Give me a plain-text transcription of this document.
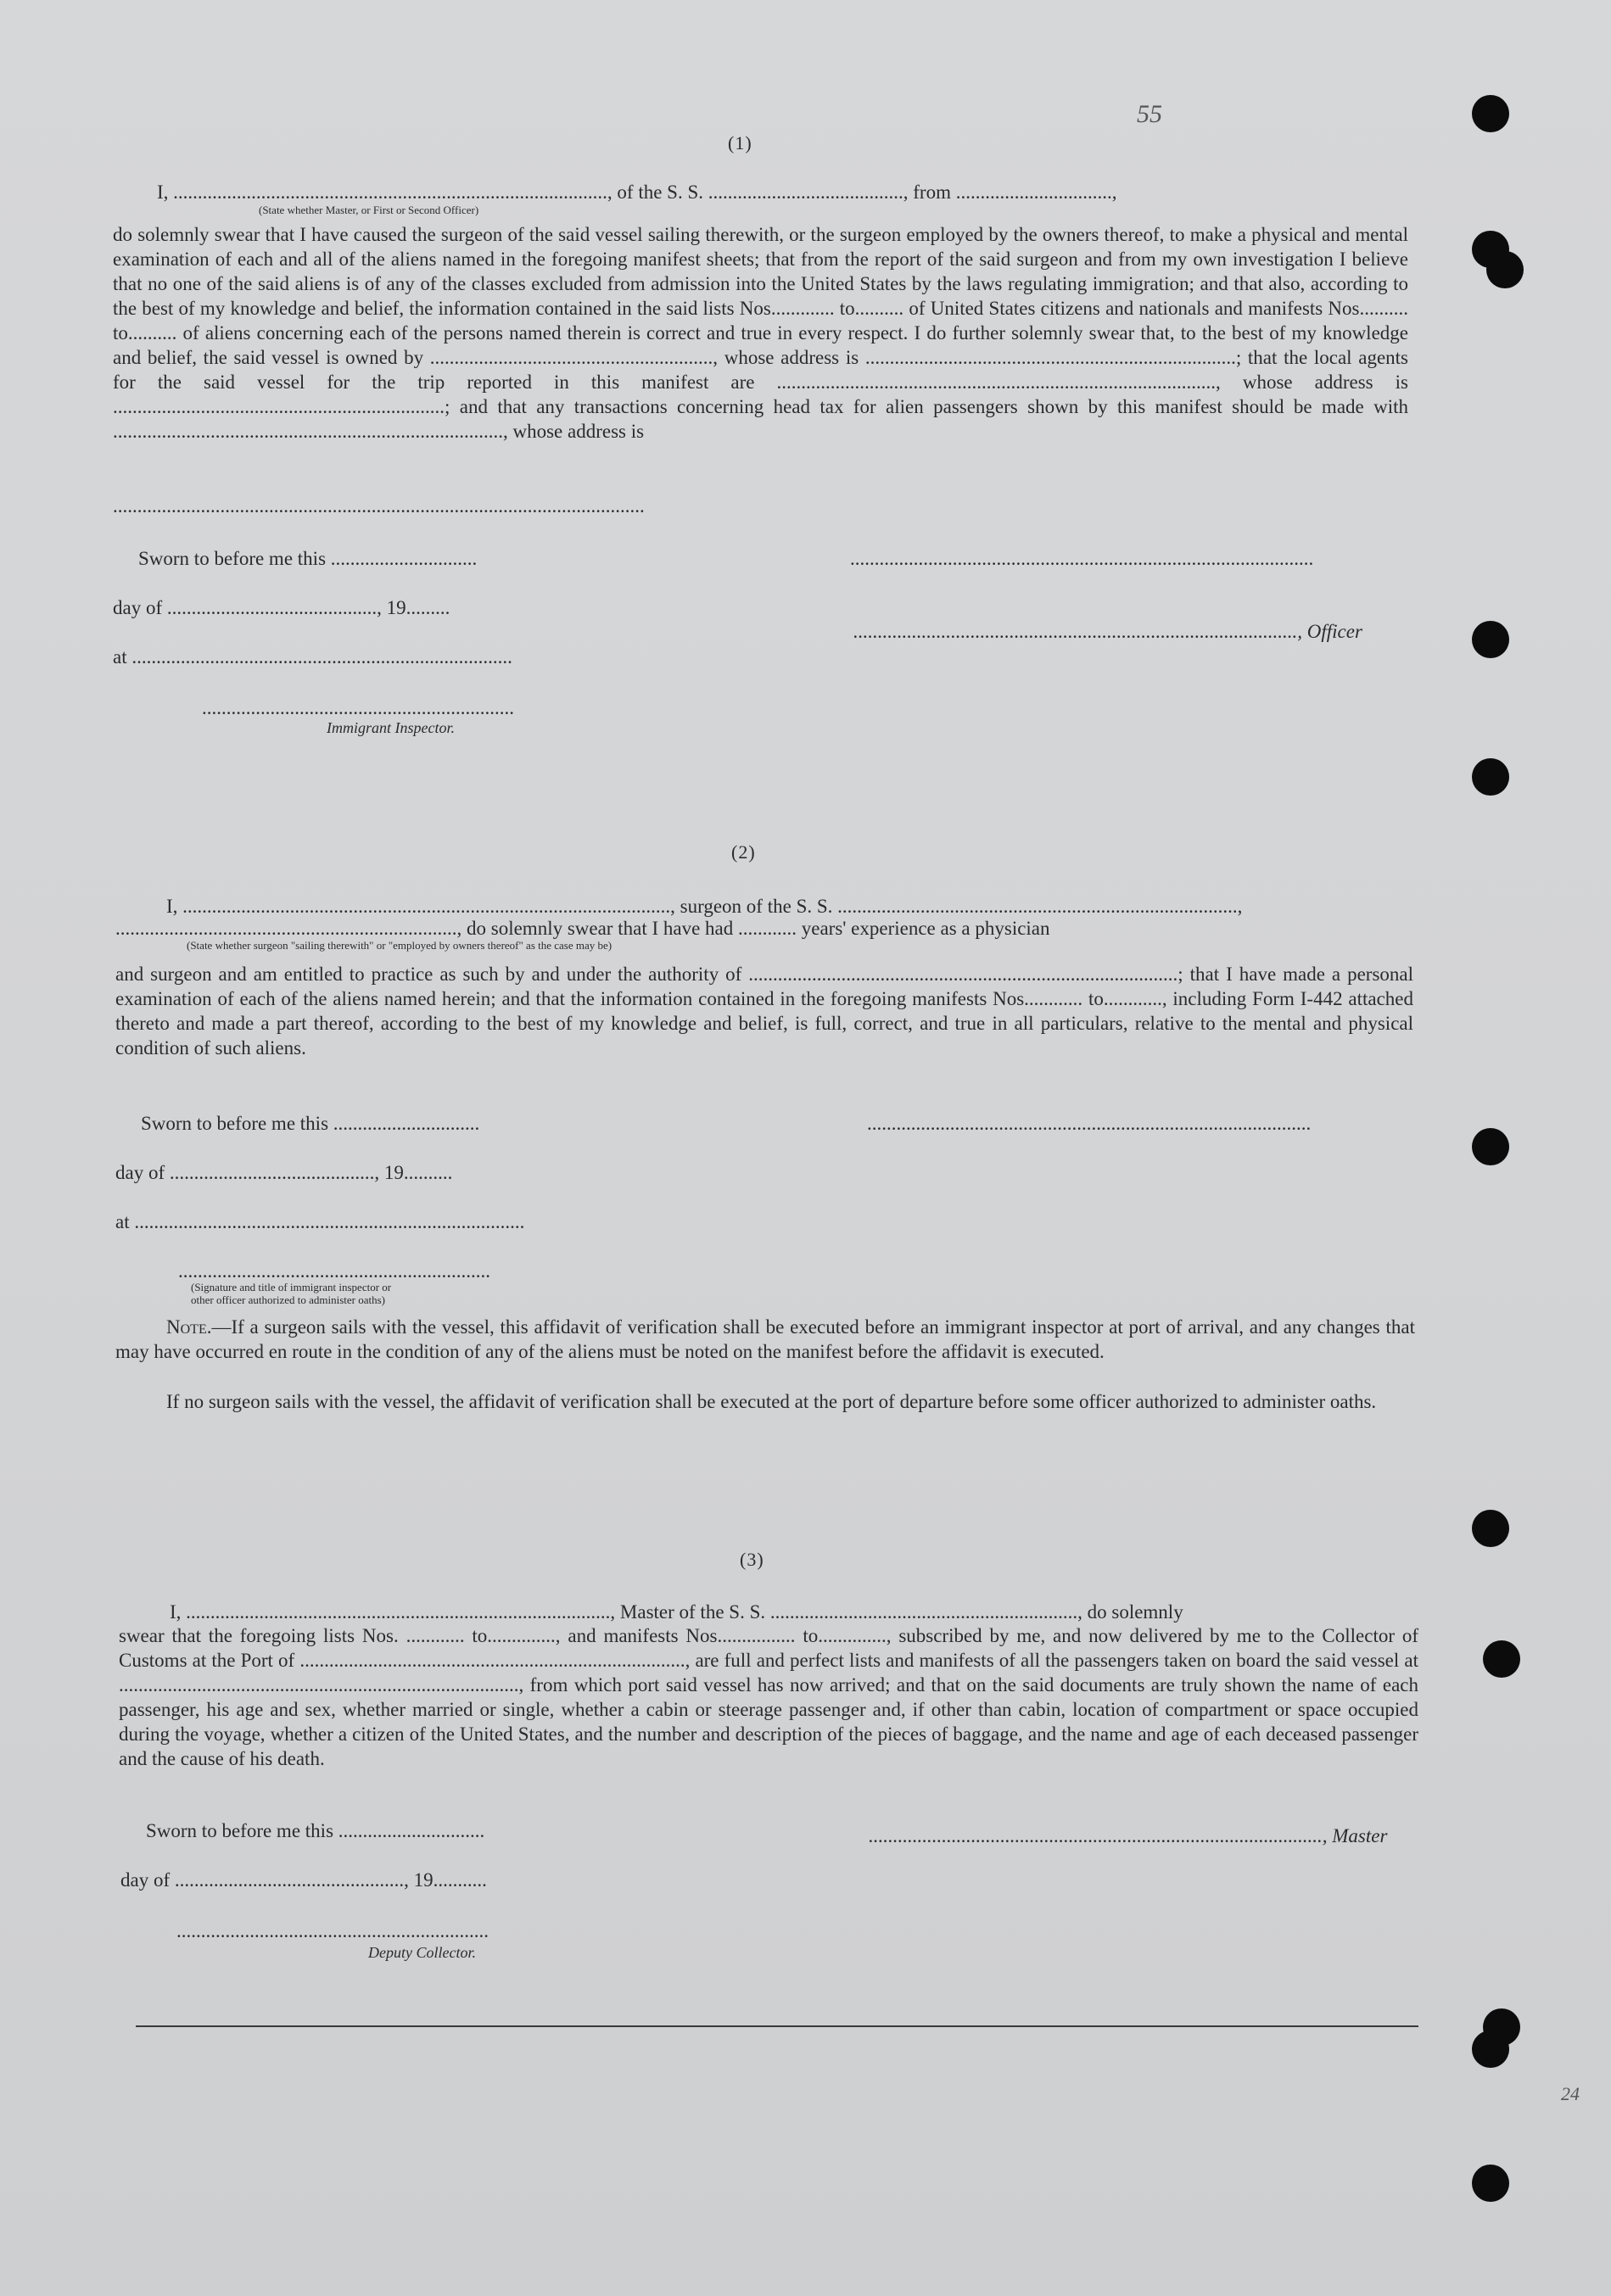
55
24
(1)
I, ........................................................................................., of the S. S. ........................................, from ................................,
(State whether Master, or First or Second Officer)
do solemnly swear that I have caused the surgeon of the said vessel sailing therewith, or the surgeon employed by the owners thereof, to make a physical and mental examination of each and all of the aliens named in the foregoing manifest sheets; that from the report of the said surgeon and from my own investigation I believe that no one of the said aliens is of any of the classes excluded from admission into the United States by the laws regulating immigration; and that also, according to the best of my knowledge and belief, the information contained in the said lists Nos............. to.......... of United States citizens and nationals and manifests Nos.......... to.......... of aliens concerning each of the persons named therein is correct and true in every respect. I do further solemnly swear that, to the best of my knowledge and belief, the said vessel is owned by .........................................................., whose address is ............................................................................; that the local agents for the said vessel for the trip reported in this manifest are .........................................................................................., whose address is ....................................................................; and that any transactions concerning head tax for alien passengers shown by this manifest should be made with ................................................................................, whose address is
.............................................................................................................
Sworn to before me this ..............................
day of ..........................................., 19.........
at ..............................................................................
................................................................
Immigrant Inspector.
...............................................................................................
..........................................................................................., Officer
(2)
I, ...................................................................................................., surgeon of the S. S. ..................................................................................,
......................................................................, do solemnly swear that I have had ............ years' experience as a physician
(State whether surgeon "sailing therewith" or "employed by owners thereof" as the case may be)
and surgeon and am entitled to practice as such by and under the authority of ........................................................................................; that I have made a personal examination of each of the aliens named herein; and that the information contained in the foregoing manifests Nos............ to............, including Form I-442 attached thereto and made a part thereof, according to the best of my knowledge and belief, is full, correct, and true in all particulars, relative to the mental and physical condition of such aliens.
Sworn to before me this ..............................
day of .........................................., 19..........
at ................................................................................
................................................................
(Signature and title of immigrant inspector or
other officer authorized to administer oaths)
...........................................................................................
Note.—If a surgeon sails with the vessel, this affidavit of verification shall be executed before an immigrant inspector at port of arrival, and any changes that may have occurred en route in the condition of any of the aliens must be noted on the manifest before the affidavit is executed.
If no surgeon sails with the vessel, the affidavit of verification shall be executed at the port of departure before some officer authorized to administer oaths.
(3)
I, ......................................................................................., Master of the S. S. ..............................................................., do solemnly
swear that the foregoing lists Nos. ............ to.............., and manifests Nos................ to.............., subscribed by me, and now delivered by me to the Collector of Customs at the Port of ..............................................................................., are full and perfect lists and manifests of all the passengers taken on board the said vessel at .................................................................................., from which port said vessel has now arrived; and that on the said documents are truly shown the name of each passenger, his age and sex, whether married or single, whether a cabin or steerage passenger and, if other than cabin, location of compartment or space occupied during the voyage, whether a citizen of the United States, and the number and description of the pieces of baggage, and the name and age of each deceased passenger and the cause of his death.
Sworn to before me this ..............................
day of ..............................................., 19...........
................................................................
Deputy Collector.
............................................................................................., Master
